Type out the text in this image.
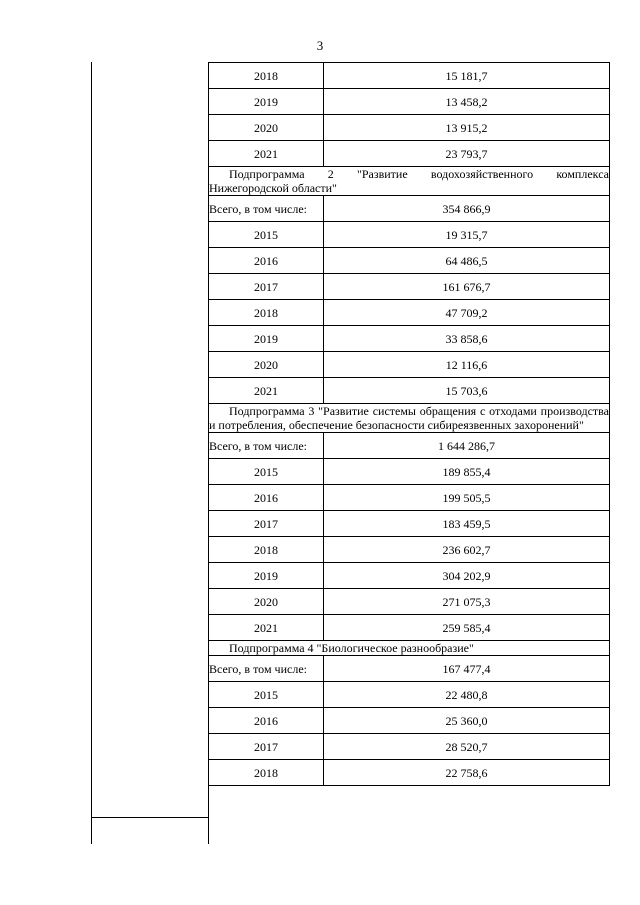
3
2018	15 181,7
2019	13 458,2
2020	13 915,2
2021	23 793,7
Подпрограмма 2 "Развитие водохозяйственного комплекса Нижегородской области"	
Всего, в том числе:	354 866,9
2015	19 315,7
2016	64 486,5
2017	161 676,7
2018	47 709,2
2019	33 858,6
2020	12 116,6
2021	15 703,6
Подпрограмма 3 "Развитие системы обращения с отходами производства и потребления, обеспечение безопасности сибиреязвенных захоронений"	
Всего, в том числе:	1 644 286,7
2015	189 855,4
2016	199 505,5
2017	183 459,5
2018	236 602,7
2019	304 202,9
2020	271 075,3
2021	259 585,4
Подпрограмма 4 "Биологическое разнообразие"	
Всего, в том числе:	167 477,4
2015	22 480,8
2016	25 360,0
2017	28 520,7
2018	22 758,6
